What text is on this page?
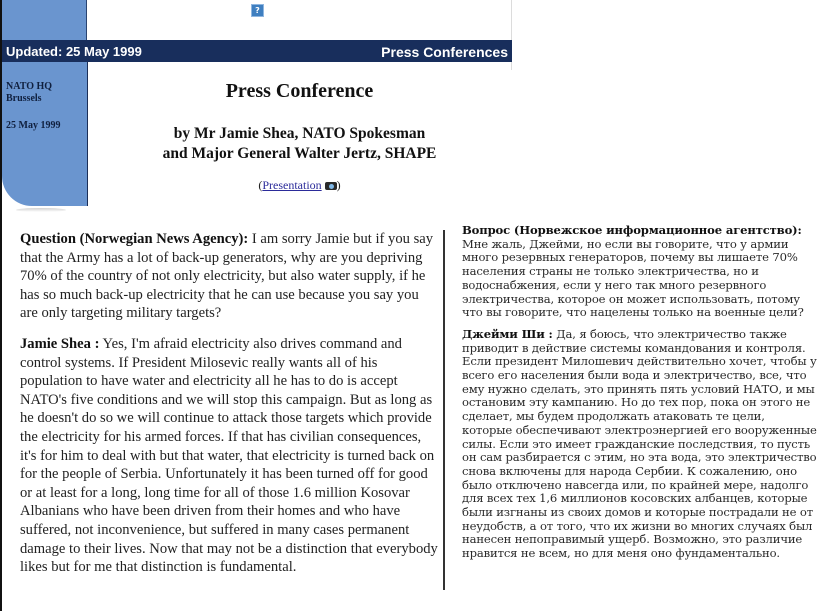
?
Updated: 25 May 1999	Press Conferences
NATO HQ
Brussels
25 May 1999
Press Conference
by Mr Jamie Shea, NATO Spokesman
and Major General Walter Jertz, SHAPE
(Presentation )

Question (Norwegian News Agency): I am sorry Jamie but if you say that the Army has a lot of back-up generators, why are you depriving 70% of the country of not only electricity, but also water supply, if he has so much back-up electricity that he can use because you say you are only targeting military targets?

Jamie Shea : Yes, I'm afraid electricity also drives command and control systems. If President Milosevic really wants all of his population to have water and electricity all he has to do is accept NATO's five conditions and we will stop this campaign. But as long as he doesn't do so we will continue to attack those targets which provide the electricity for his armed forces. If that has civilian consequences, it's for him to deal with but that water, that electricity is turned back on for the people of Serbia. Unfortunately it has been turned off for good or at least for a long, long time for all of those 1.6 million Kosovar Albanians who have been driven from their homes and who have suffered, not inconvenience, but suffered in many cases permanent damage to their lives. Now that may not be a distinction that everybody likes but for me that distinction is fundamental.

Вопрос (Норвежское информационное агентство): Мне жаль, Джейми, но если вы говорите, что у армии много резервных генераторов, почему вы лишаете 70% населения страны не только электричества, но и водоснабжения, если у него так много резервного электричества, которое он может использовать, потому что вы говорите, что нацелены только на военные цели?

Джейми Ши : Да, я боюсь, что электричество также приводит в действие системы командования и контроля. Если президент Милошевич действительно хочет, чтобы у всего его населения были вода и электричество, все, что ему нужно сделать, это принять пять условий НАТО, и мы остановим эту кампанию. Но до тех пор, пока он этого не сделает, мы будем продолжать атаковать те цели, которые обеспечивают электроэнергией его вооруженные силы. Если это имеет гражданские последствия, то пусть он сам разбирается с этим, но эта вода, это электричество снова включены для народа Сербии. К сожалению, оно было отключено навсегда или, по крайней мере, надолго для всех тех 1,6 миллионов косовских албанцев, которые были изгнаны из своих домов и которые пострадали не от неудобств, а от того, что их жизни во многих случаях был нанесен непоправимый ущерб. Возможно, это различие нравится не всем, но для меня оно фундаментально.
